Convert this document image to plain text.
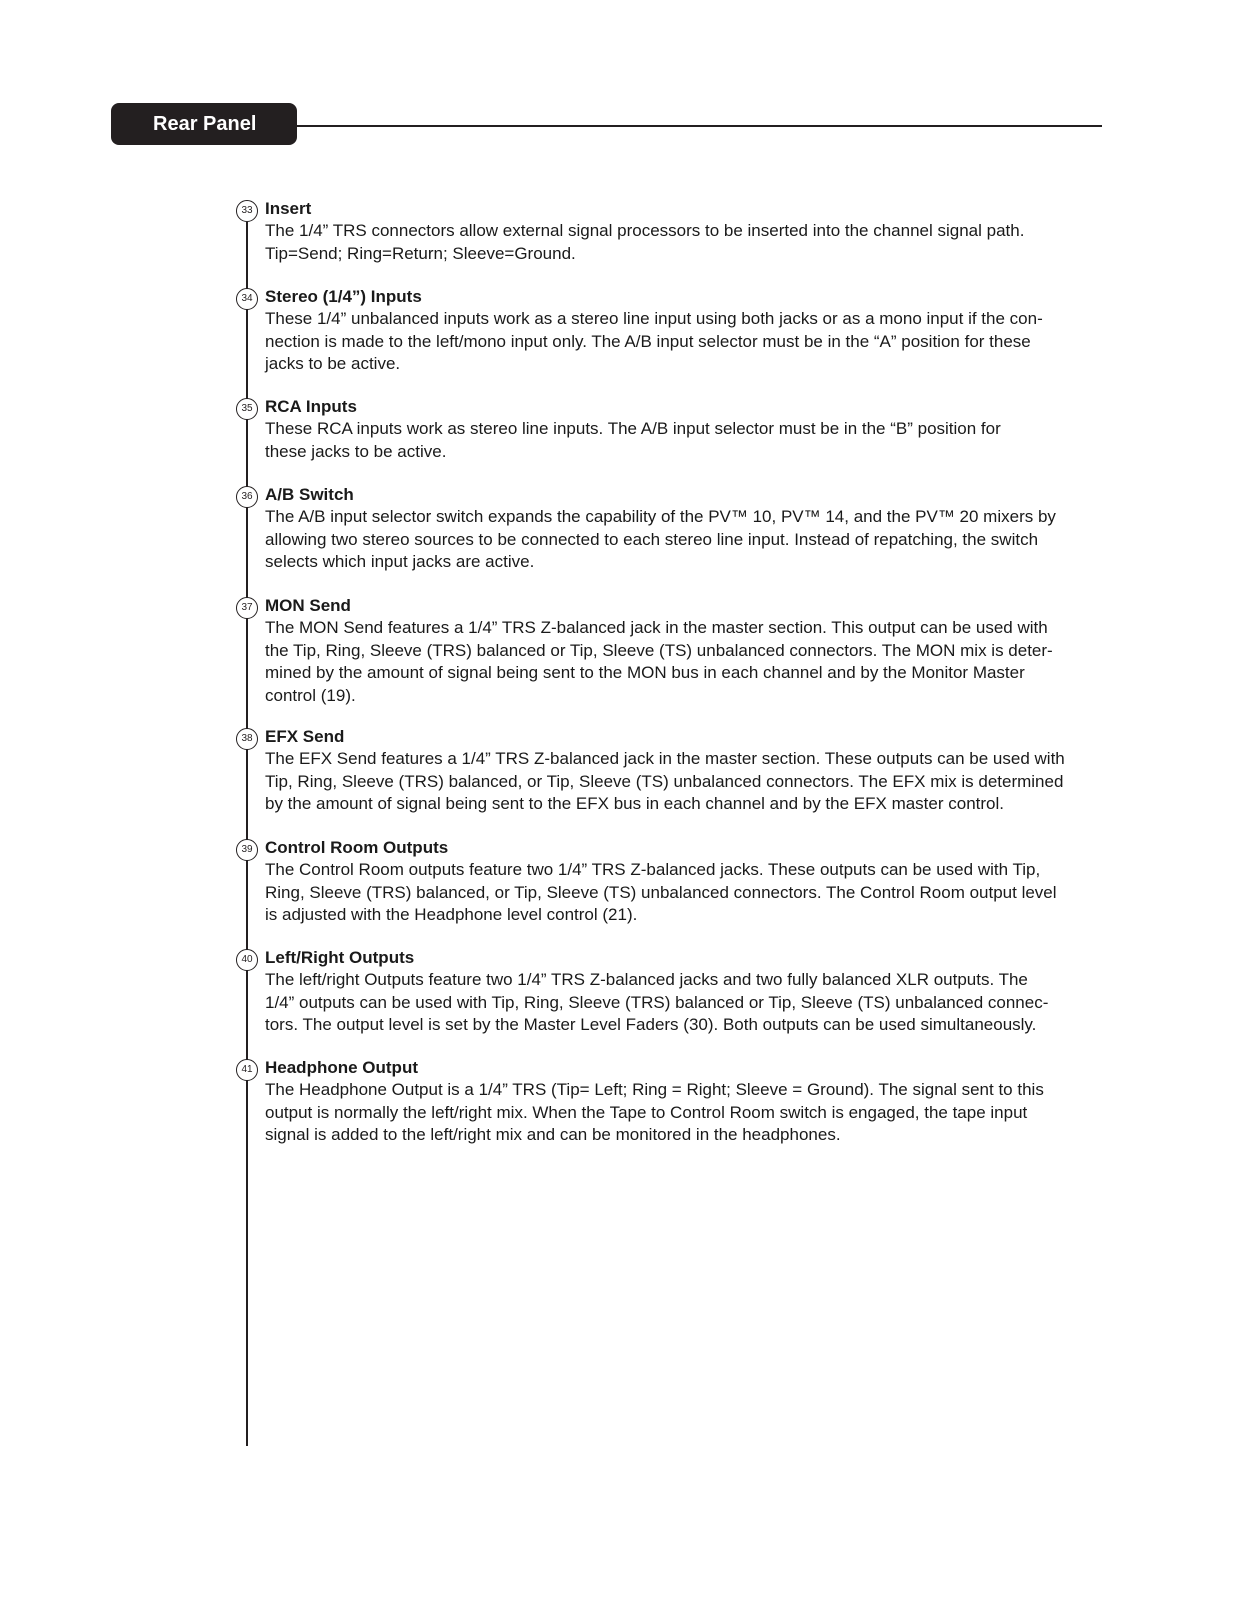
Rear Panel
33 Insert
The 1/4” TRS connectors allow external signal processors to be inserted into the channel signal path.
Tip=Send; Ring=Return; Sleeve=Ground.
34 Stereo (1/4”) Inputs
These 1/4” unbalanced inputs work as a stereo line input using both jacks or as a mono input if the con-
nection is made to the left/mono input only. The A/B input selector must be in the “A” position for these
jacks to be active.
35 RCA Inputs
These RCA inputs work as stereo line inputs. The A/B input selector must be in the “B” position for
these jacks to be active.
36 A/B Switch
The A/B input selector switch expands the capability of the PV™ 10, PV™ 14, and the PV™ 20 mixers by
allowing two stereo sources to be connected to each stereo line input. Instead of repatching, the switch
selects which input jacks are active.
37 MON Send
The MON Send features a 1/4” TRS Z-balanced jack in the master section. This output can be used with
the Tip, Ring, Sleeve (TRS) balanced or Tip, Sleeve (TS) unbalanced connectors. The MON mix is deter-
mined by the amount of signal being sent to the MON bus in each channel and by the Monitor Master
control (19).
38 EFX Send
The EFX Send features a 1/4” TRS Z-balanced jack in the master section. These outputs can be used with
Tip, Ring, Sleeve (TRS) balanced, or Tip, Sleeve (TS) unbalanced connectors. The EFX mix is determined
by the amount of signal being sent to the EFX bus in each channel and by the EFX master control.
39 Control Room Outputs
The Control Room outputs feature two 1/4” TRS Z-balanced jacks. These outputs can be used with Tip,
Ring, Sleeve (TRS) balanced, or Tip, Sleeve (TS) unbalanced connectors. The Control Room output level
is adjusted with the Headphone level control (21).
40 Left/Right Outputs
The left/right Outputs feature two 1/4” TRS Z-balanced jacks and two fully balanced XLR outputs. The
1/4” outputs can be used with Tip, Ring, Sleeve (TRS) balanced or Tip, Sleeve (TS) unbalanced connec-
tors. The output level is set by the Master Level Faders (30). Both outputs can be used simultaneously.
41 Headphone Output
The Headphone Output is a 1/4” TRS (Tip= Left; Ring = Right; Sleeve = Ground). The signal sent to this
output is normally the left/right mix. When the Tape to Control Room switch is engaged, the tape input
signal is added to the left/right mix and can be monitored in the headphones.
